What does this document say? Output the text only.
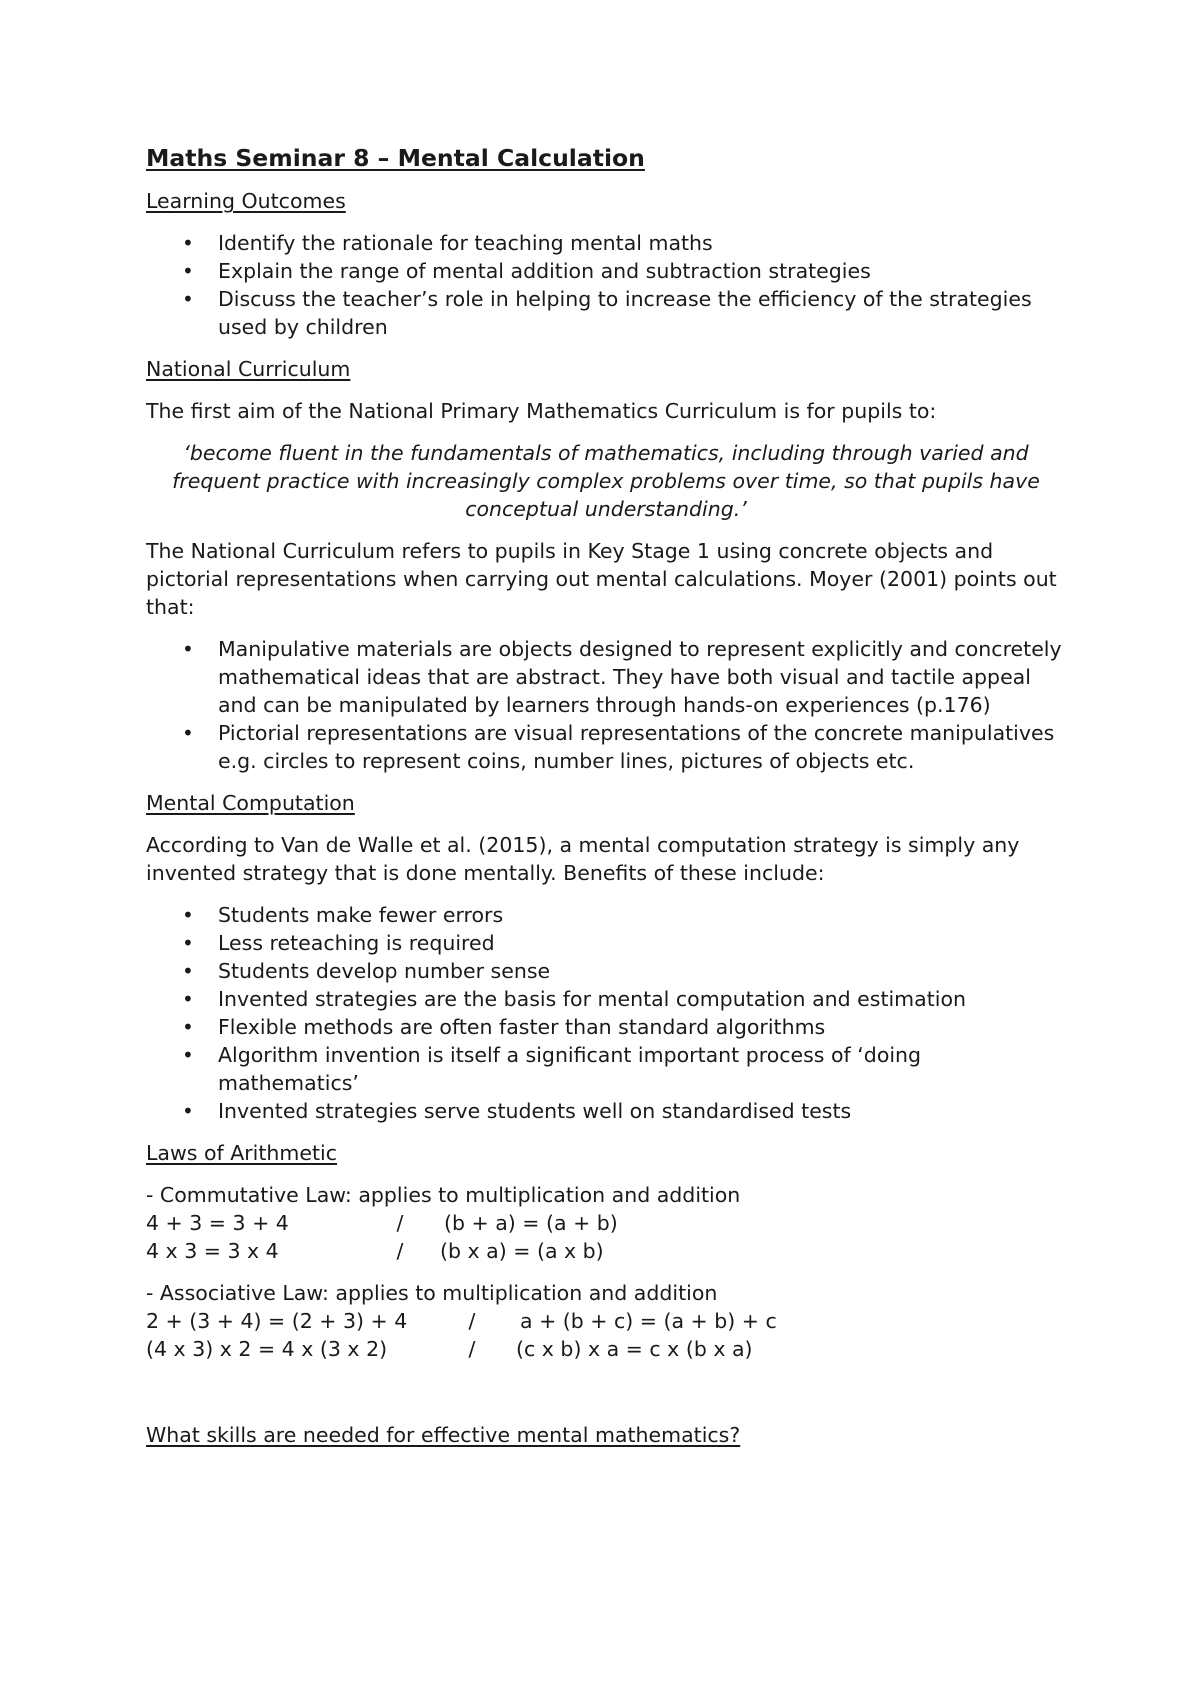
Maths Seminar 8 – Mental Calculation
Learning Outcomes
• Identify the rationale for teaching mental maths
• Explain the range of mental addition and subtraction strategies
• Discuss the teacher’s role in helping to increase the efficiency of the strategies used by children
National Curriculum

The first aim of the National Primary Mathematics Curriculum is for pupils to:

‘become fluent in the fundamentals of mathematics, including through varied and frequent practice with increasingly complex problems over time, so that pupils have conceptual understanding.’

The National Curriculum refers to pupils in Key Stage 1 using concrete objects and pictorial representations when carrying out mental calculations. Moyer (2001) points out that:

• Manipulative materials are objects designed to represent explicitly and concretely mathematical ideas that are abstract. They have both visual and tactile appeal and can be manipulated by learners through hands-on experiences (p.176)
• Pictorial representations are visual representations of the concrete manipulatives e.g. circles to represent coins, number lines, pictures of objects etc.
Mental Computation

According to Van de Walle et al. (2015), a mental computation strategy is simply any invented strategy that is done mentally. Benefits of these include:

• Students make fewer errors
• Less reteaching is required
• Students develop number sense
• Invented strategies are the basis for mental computation and estimation
• Flexible methods are often faster than standard algorithms
• Algorithm invention is itself a significant important process of ‘doing mathematics’
• Invented strategies serve students well on standardised tests
Laws of Arithmetic

- Commutative Law: applies to multiplication and addition

4 + 3 = 3 + 4	/	(b + a) = (a + b)
4 x 3 = 3 x 4	/	(b x a) = (a x b)

- Associative Law: applies to multiplication and addition

2 + (3 + 4) = (2 + 3) + 4	/	a + (b + c) = (a + b) + c
(4 x 3) x 2 = 4 x (3 x 2)	/	(c x b) x a = c x (b x a)
What skills are needed for effective mental mathematics?
